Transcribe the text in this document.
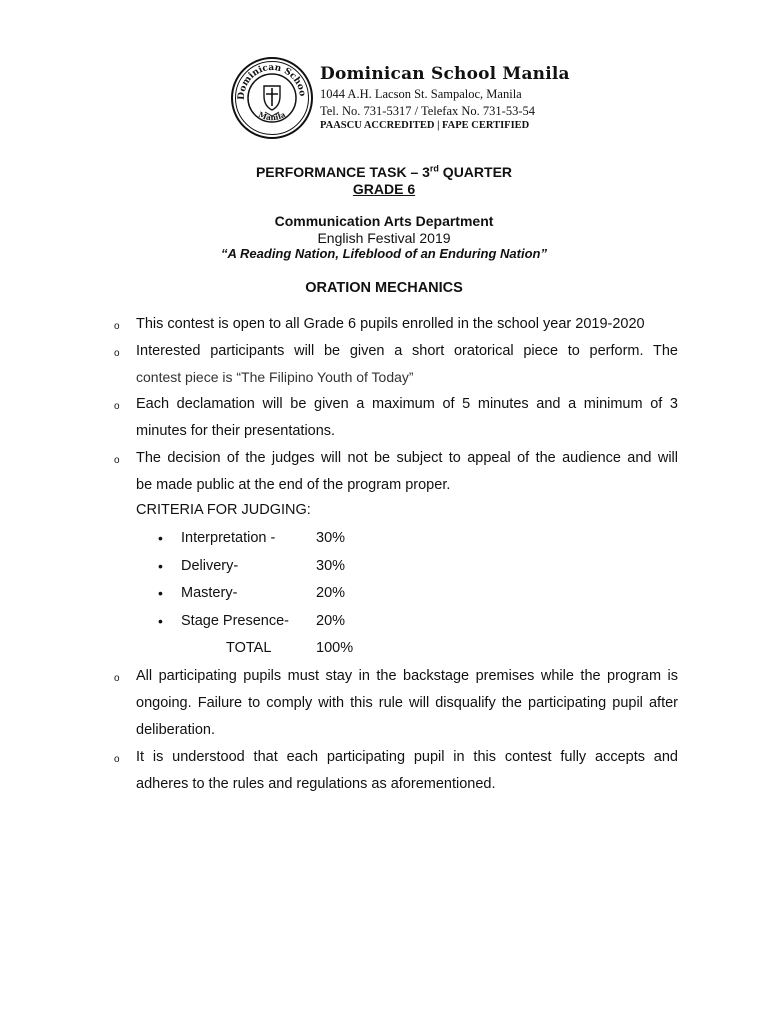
Dominican Schoo
Manila
Dominican School Manila
1044 A.H. Lacson St. Sampaloc, Manila
Tel. No. 731-5317 / Telefax No. 731-53-54
PAASCU ACCREDITED | FAPE CERTIFIED
PERFORMANCE TASK – 3rd QUARTER
GRADE 6
Communication Arts Department
English Festival 2019
“A Reading Nation, Lifeblood of an Enduring Nation”
ORATION MECHANICS
o This contest is open to all Grade 6 pupils enrolled in the school year 2019-2020
o Interested participants will be given a short oratorical piece to perform. The
contest piece is “The Filipino Youth of Today”
o Each declamation will be given a maximum of 5 minutes and a minimum of 3
minutes for their presentations.
o The decision of the judges will not be subject to appeal of the audience and will
be made public at the end of the program proper.
CRITERIA FOR JUDGING:
• Interpretation -	30%
• Delivery-	30%
• Mastery-	20%
• Stage Presence- 20%
TOTAL	100%
o All participating pupils must stay in the backstage premises while the program is
ongoing. Failure to comply with this rule will disqualify the participating pupil after
deliberation.
o It is understood that each participating pupil in this contest fully accepts and
adheres to the rules and regulations as aforementioned.
